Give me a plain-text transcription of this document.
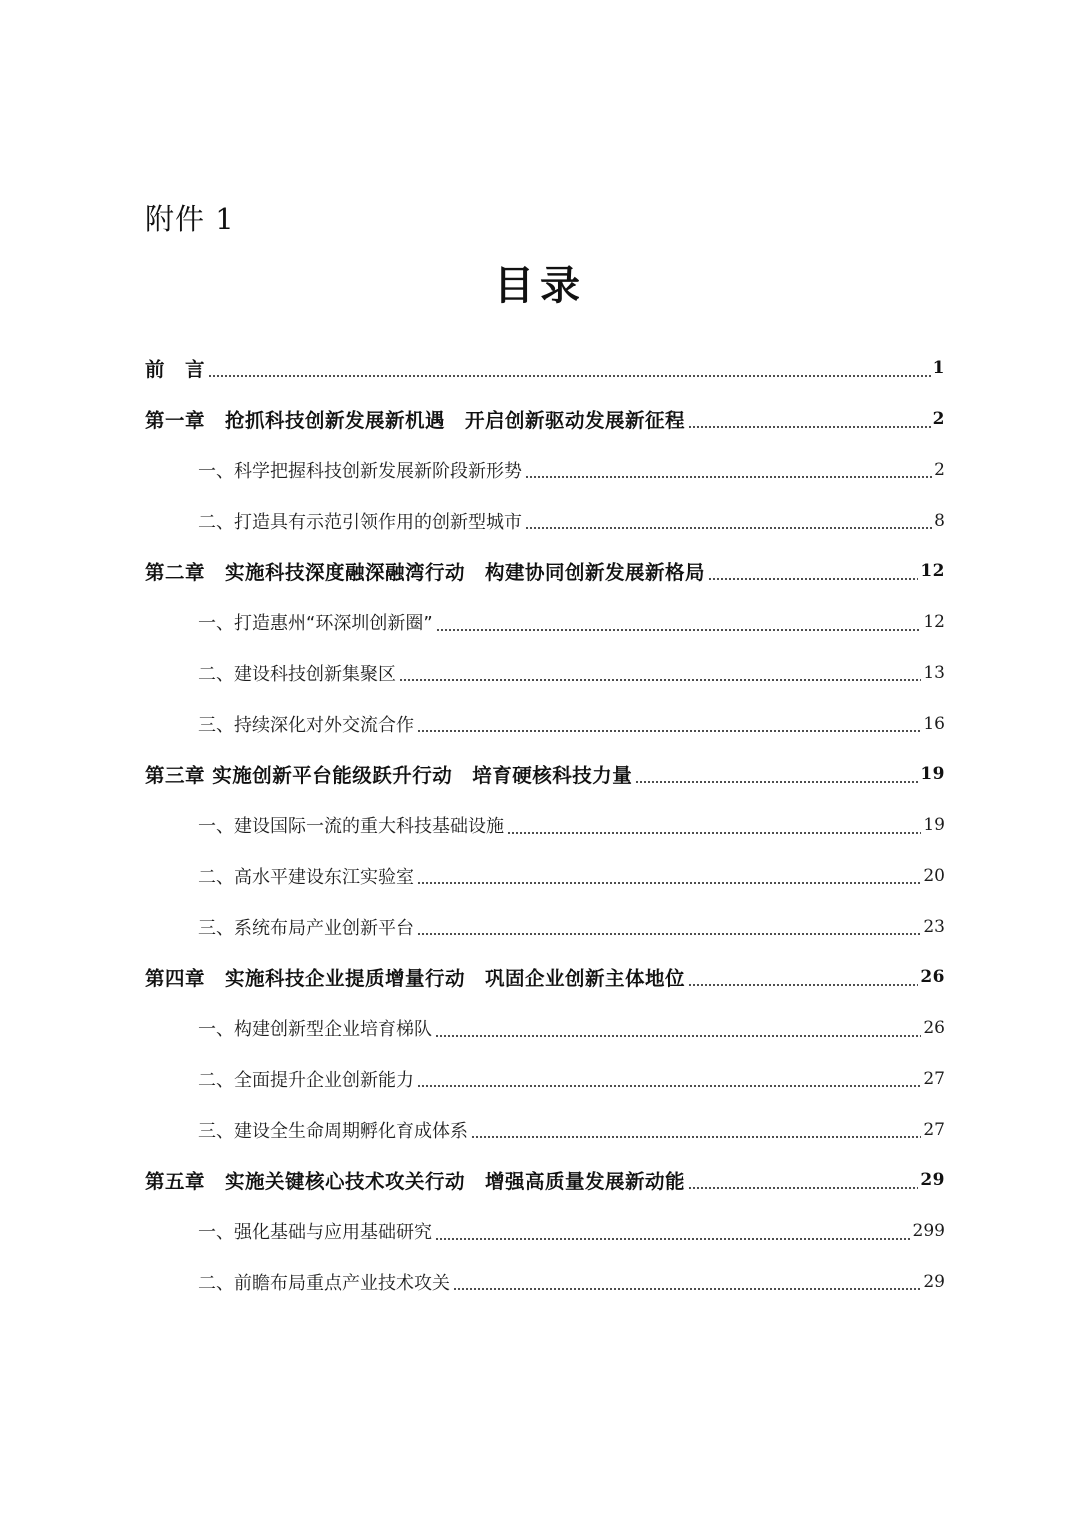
附件 1
目录
前　言	1
第一章　抢抓科技创新发展新机遇　开启创新驱动发展新征程	2
一、科学把握科技创新发展新阶段新形势	2
二、打造具有示范引领作用的创新型城市	8
第二章　实施科技深度融深融湾行动　构建协同创新发展新格局	12
一、打造惠州“环深圳创新圈”	12
二、建设科技创新集聚区	13
三、持续深化对外交流合作	16
第三章 实施创新平台能级跃升行动　培育硬核科技力量	19
一、建设国际一流的重大科技基础设施	19
二、高水平建设东江实验室	20
三、系统布局产业创新平台	23
第四章　实施科技企业提质增量行动　巩固企业创新主体地位	26
一、构建创新型企业培育梯队	26
二、全面提升企业创新能力	27
三、建设全生命周期孵化育成体系	27
第五章　实施关键核心技术攻关行动　增强高质量发展新动能	29
一、强化基础与应用基础研究	299
二、前瞻布局重点产业技术攻关	29
